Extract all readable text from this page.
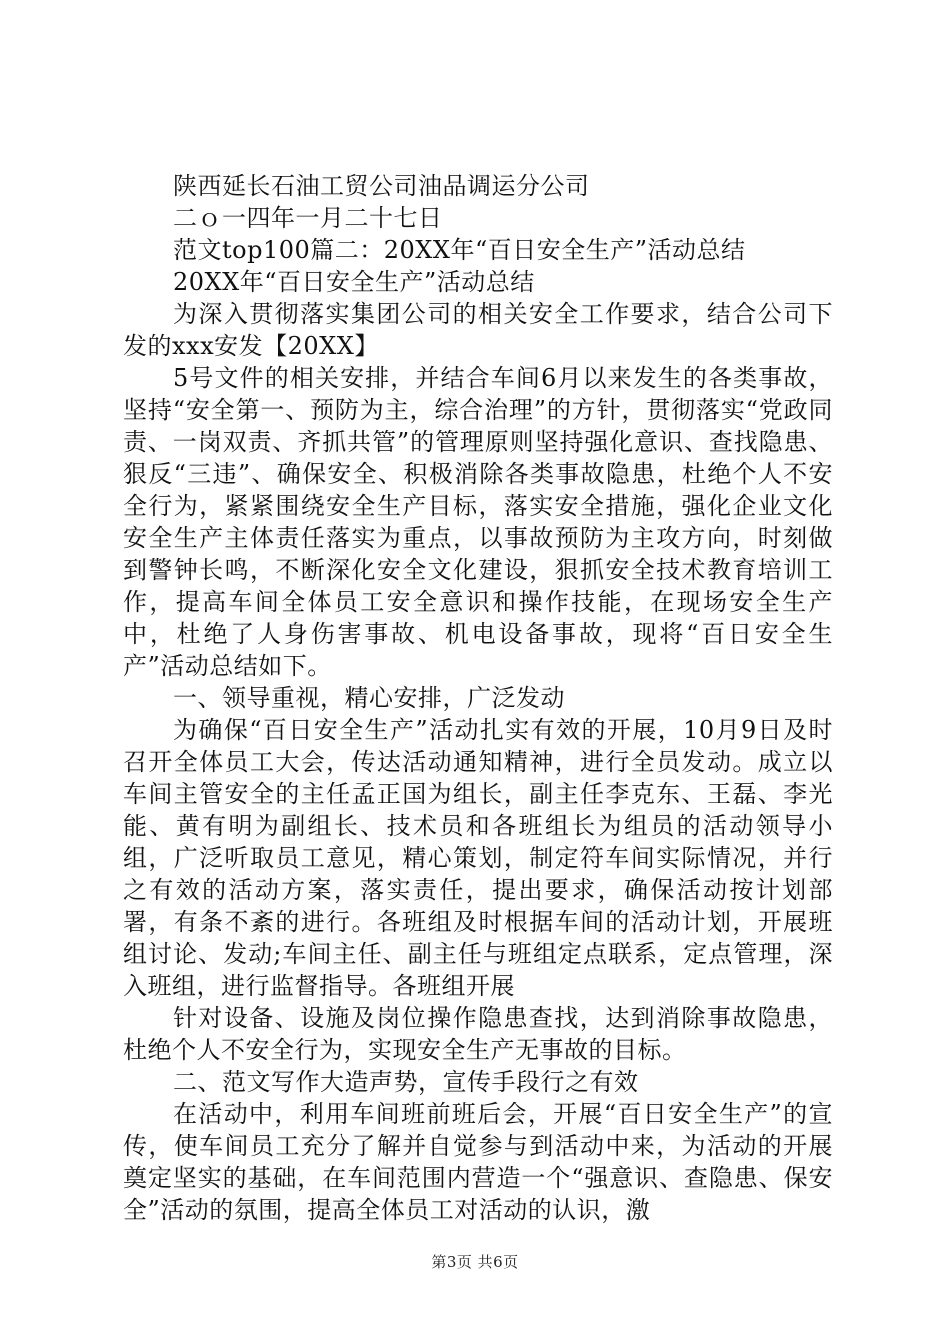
陕西延长石油工贸公司油品调运分公司

二ｏ一四年一月二十七日

范文top100篇二：20XX年“百日安全生产”活动总结

20XX年“百日安全生产”活动总结

为深入贯彻落实集团公司的相关安全工作要求，结合公司下发的xxx安发【20XX】

5号文件的相关安排，并结合车间6月以来发生的各类事故，坚持“安全第一、预防为主，综合治理”的方针，贯彻落实“党政同责、一岗双责、齐抓共管”的管理原则坚持强化意识、查找隐患、狠反“三违”、确保安全、积极消除各类事故隐患，杜绝个人不安全行为，紧紧围绕安全生产目标，落实安全措施，强化企业文化安全生产主体责任落实为重点，以事故预防为主攻方向，时刻做到警钟长鸣，不断深化安全文化建设，狠抓安全技术教育培训工作，提高车间全体员工安全意识和操作技能，在现场安全生产中，杜绝了人身伤害事故、机电设备事故，现将“百日安全生产”活动总结如下。

一、领导重视，精心安排，广泛发动

为确保“百日安全生产”活动扎实有效的开展，10月9日及时召开全体员工大会，传达活动通知精神，进行全员发动。成立以车间主管安全的主任孟正国为组长，副主任李克东、王磊、李光能、黄有明为副组长、技术员和各班组长为组员的活动领导小组，广泛听取员工意见，精心策划，制定符车间实际情况，并行之有效的活动方案，落实责任，提出要求，确保活动按计划部署，有条不紊的进行。各班组及时根据车间的活动计划，开展班组讨论、发动;车间主任、副主任与班组定点联系，定点管理，深入班组，进行监督指导。各班组开展

针对设备、设施及岗位操作隐患查找，达到消除事故隐患，杜绝个人不安全行为，实现安全生产无事故的目标。

二、范文写作大造声势，宣传手段行之有效

在活动中，利用车间班前班后会，开展“百日安全生产”的宣传，使车间员工充分了解并自觉参与到活动中来，为活动的开展奠定坚实的基础，在车间范围内营造一个“强意识、查隐患、保安全”活动的氛围，提高全体员工对活动的认识，激

第3页 共6页
